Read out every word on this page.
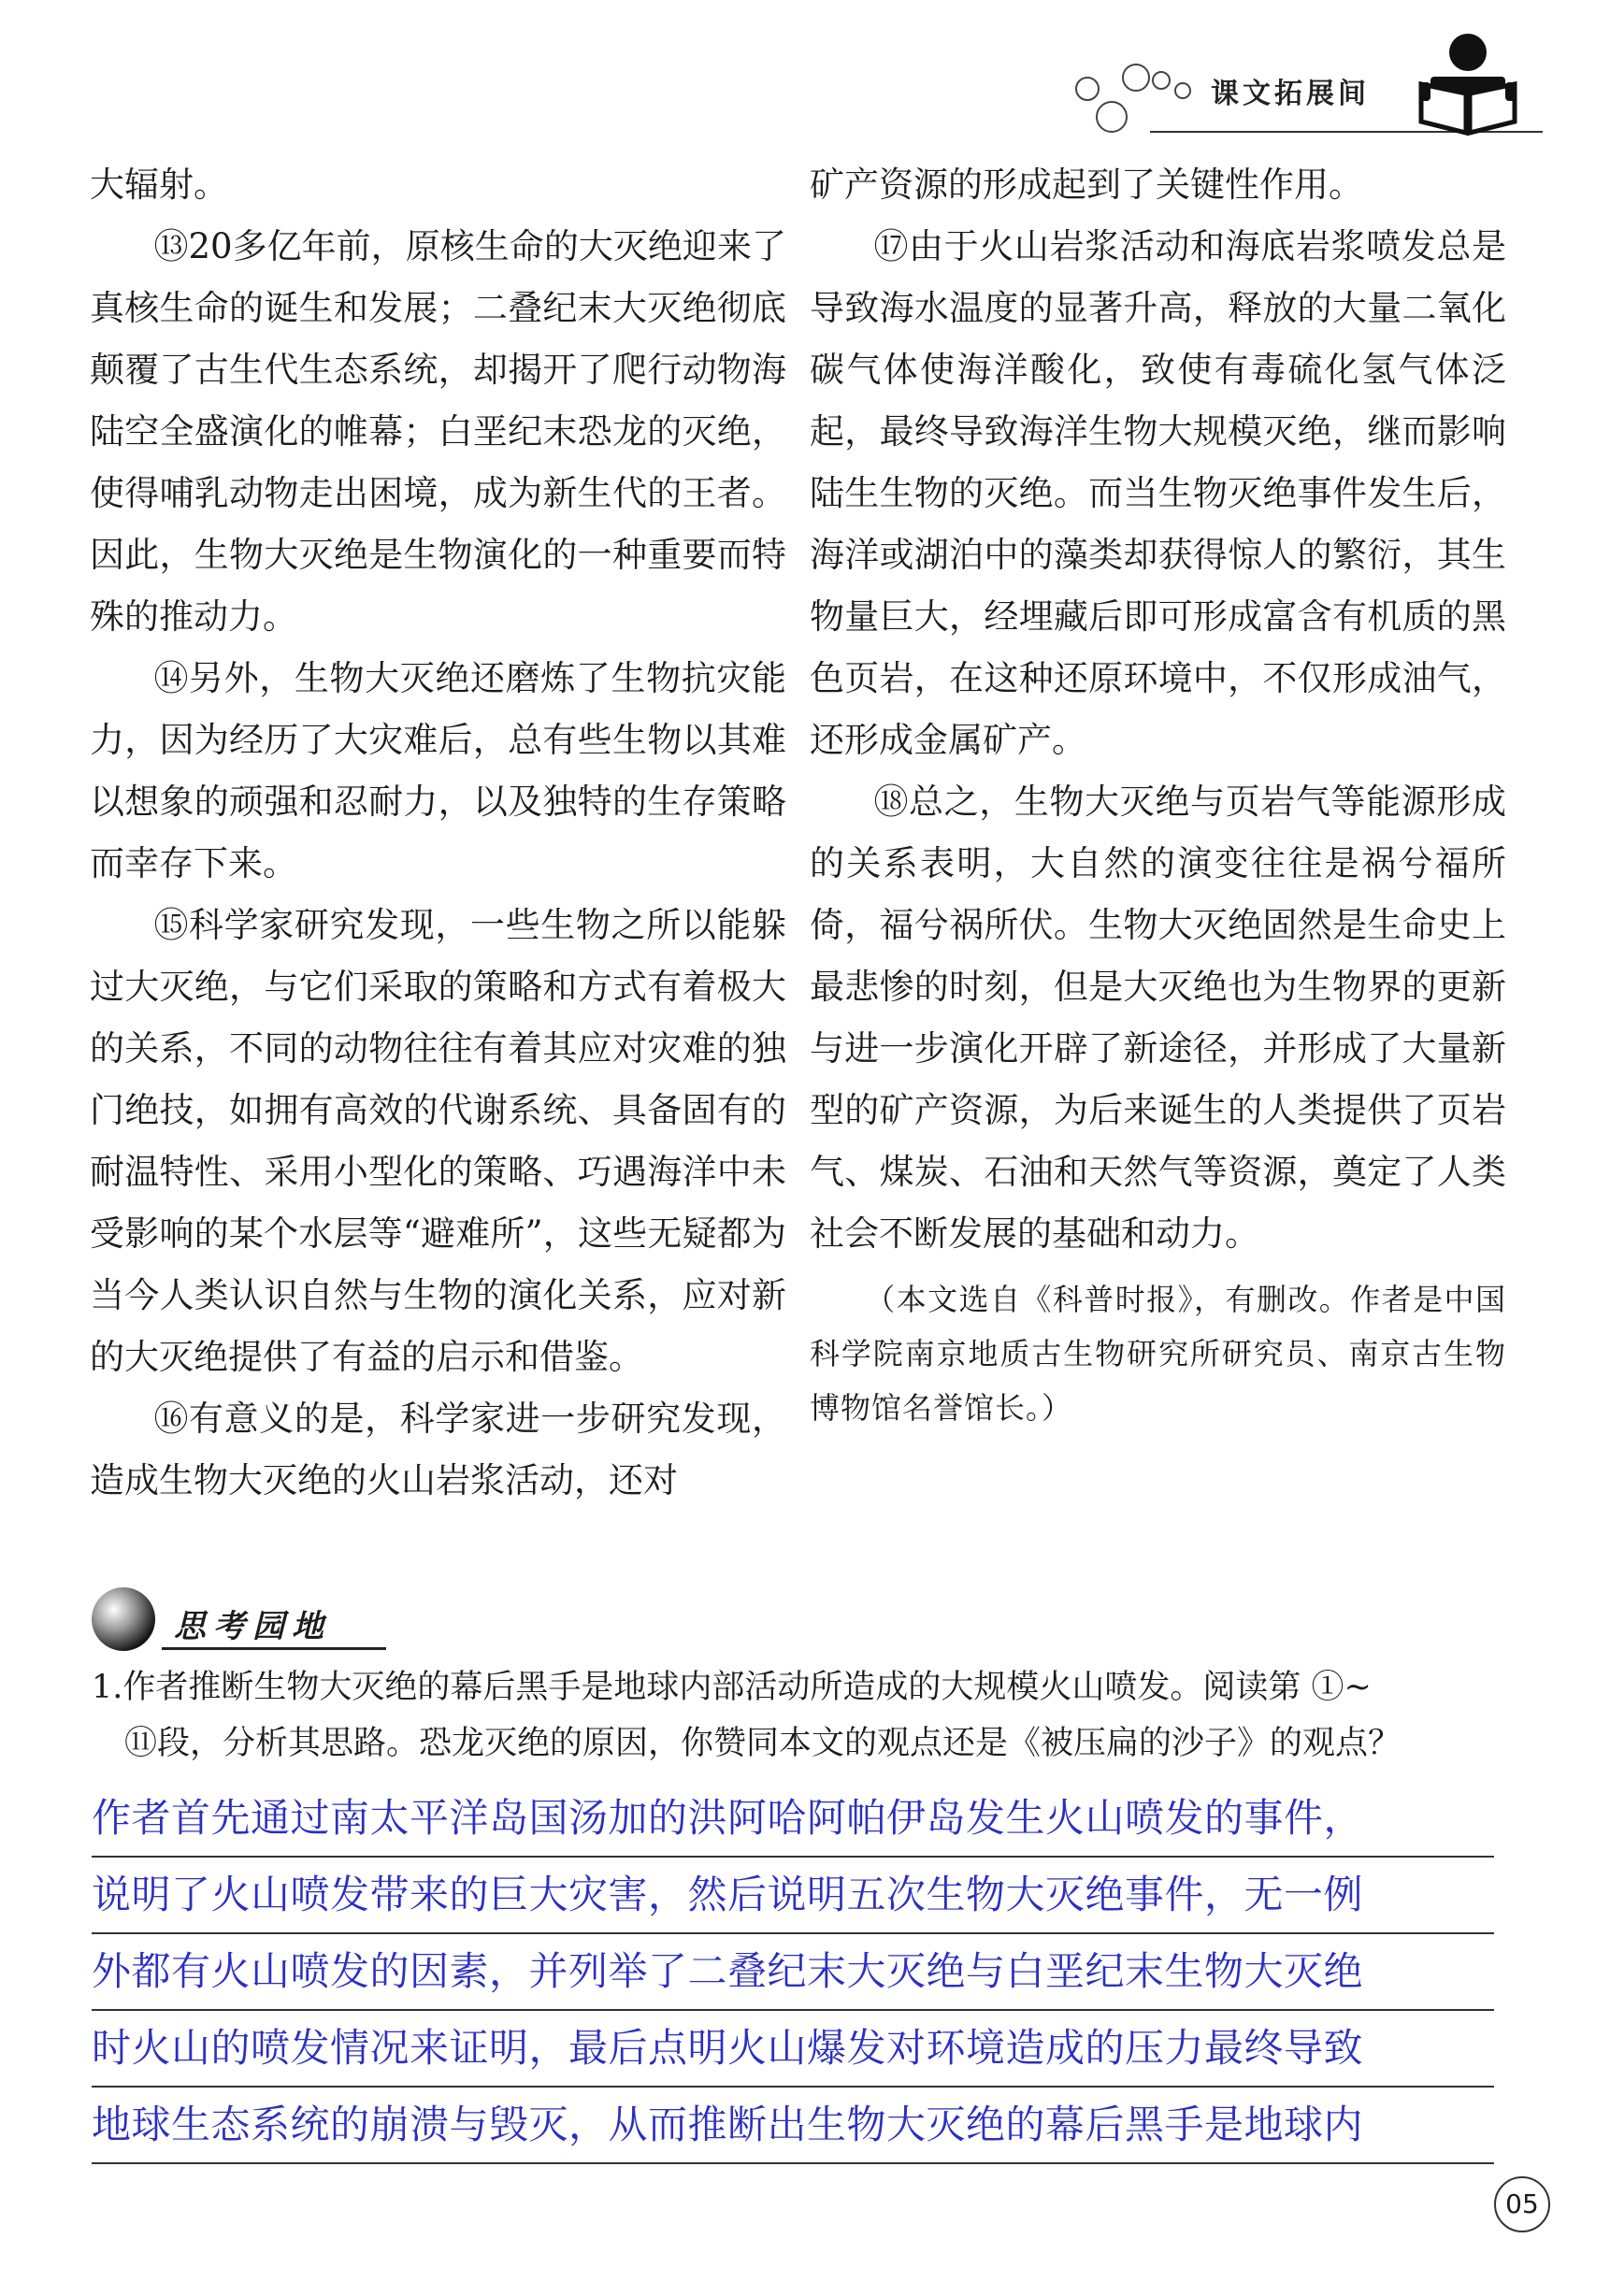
课文拓展间

大辐射。

⑬20多亿年前，原核生命的大灭绝迎来了真核生命的诞生和发展；二叠纪末大灭绝彻底颠覆了古生代生态系统，却揭开了爬行动物海陆空全盛演化的帷幕；白垩纪末恐龙的灭绝，使得哺乳动物走出困境，成为新生代的王者。因此，生物大灭绝是生物演化的一种重要而特殊的推动力。

⑭另外，生物大灭绝还磨炼了生物抗灾能力，因为经历了大灾难后，总有些生物以其难以想象的顽强和忍耐力，以及独特的生存策略而幸存下来。

⑮科学家研究发现，一些生物之所以能躲过大灭绝，与它们采取的策略和方式有着极大的关系，不同的动物往往有着其应对灾难的独门绝技，如拥有高效的代谢系统、具备固有的耐温特性、采用小型化的策略、巧遇海洋中未受影响的某个水层等“避难所”，这些无疑都为当今人类认识自然与生物的演化关系，应对新的大灭绝提供了有益的启示和借鉴。

⑯有意义的是，科学家进一步研究发现，造成生物大灭绝的火山岩浆活动，还对

矿产资源的形成起到了关键性作用。

⑰由于火山岩浆活动和海底岩浆喷发总是导致海水温度的显著升高，释放的大量二氧化碳气体使海洋酸化，致使有毒硫化氢气体泛起，最终导致海洋生物大规模灭绝，继而影响陆生生物的灭绝。而当生物灭绝事件发生后，海洋或湖泊中的藻类却获得惊人的繁衍，其生物量巨大，经埋藏后即可形成富含有机质的黑色页岩，在这种还原环境中，不仅形成油气，还形成金属矿产。

⑱总之，生物大灭绝与页岩气等能源形成的关系表明，大自然的演变往往是祸兮福所倚，福兮祸所伏。生物大灭绝固然是生命史上最悲惨的时刻，但是大灭绝也为生物界的更新与进一步演化开辟了新途径，并形成了大量新型的矿产资源，为后来诞生的人类提供了页岩气、煤炭、石油和天然气等资源，奠定了人类社会不断发展的基础和动力。

（本文选自《科普时报》，有删改。作者是中国科学院南京地质古生物研究所研究员、南京古生物博物馆名誉馆长。）

思考园地

1.作者推断生物大灭绝的幕后黑手是地球内部活动所造成的大规模火山喷发。阅读第 ①~

⑪段，分析其思路。恐龙灭绝的原因，你赞同本文的观点还是《被压扁的沙子》的观点？

作者首先通过南太平洋岛国汤加的洪阿哈阿帕伊岛发生火山喷发的事件，
说明了火山喷发带来的巨大灾害，然后说明五次生物大灭绝事件，无一例
外都有火山喷发的因素，并列举了二叠纪末大灭绝与白垩纪末生物大灭绝
时火山的喷发情况来证明，最后点明火山爆发对环境造成的压力最终导致
地球生态系统的崩溃与毁灭，从而推断出生物大灭绝的幕后黑手是地球内
05
